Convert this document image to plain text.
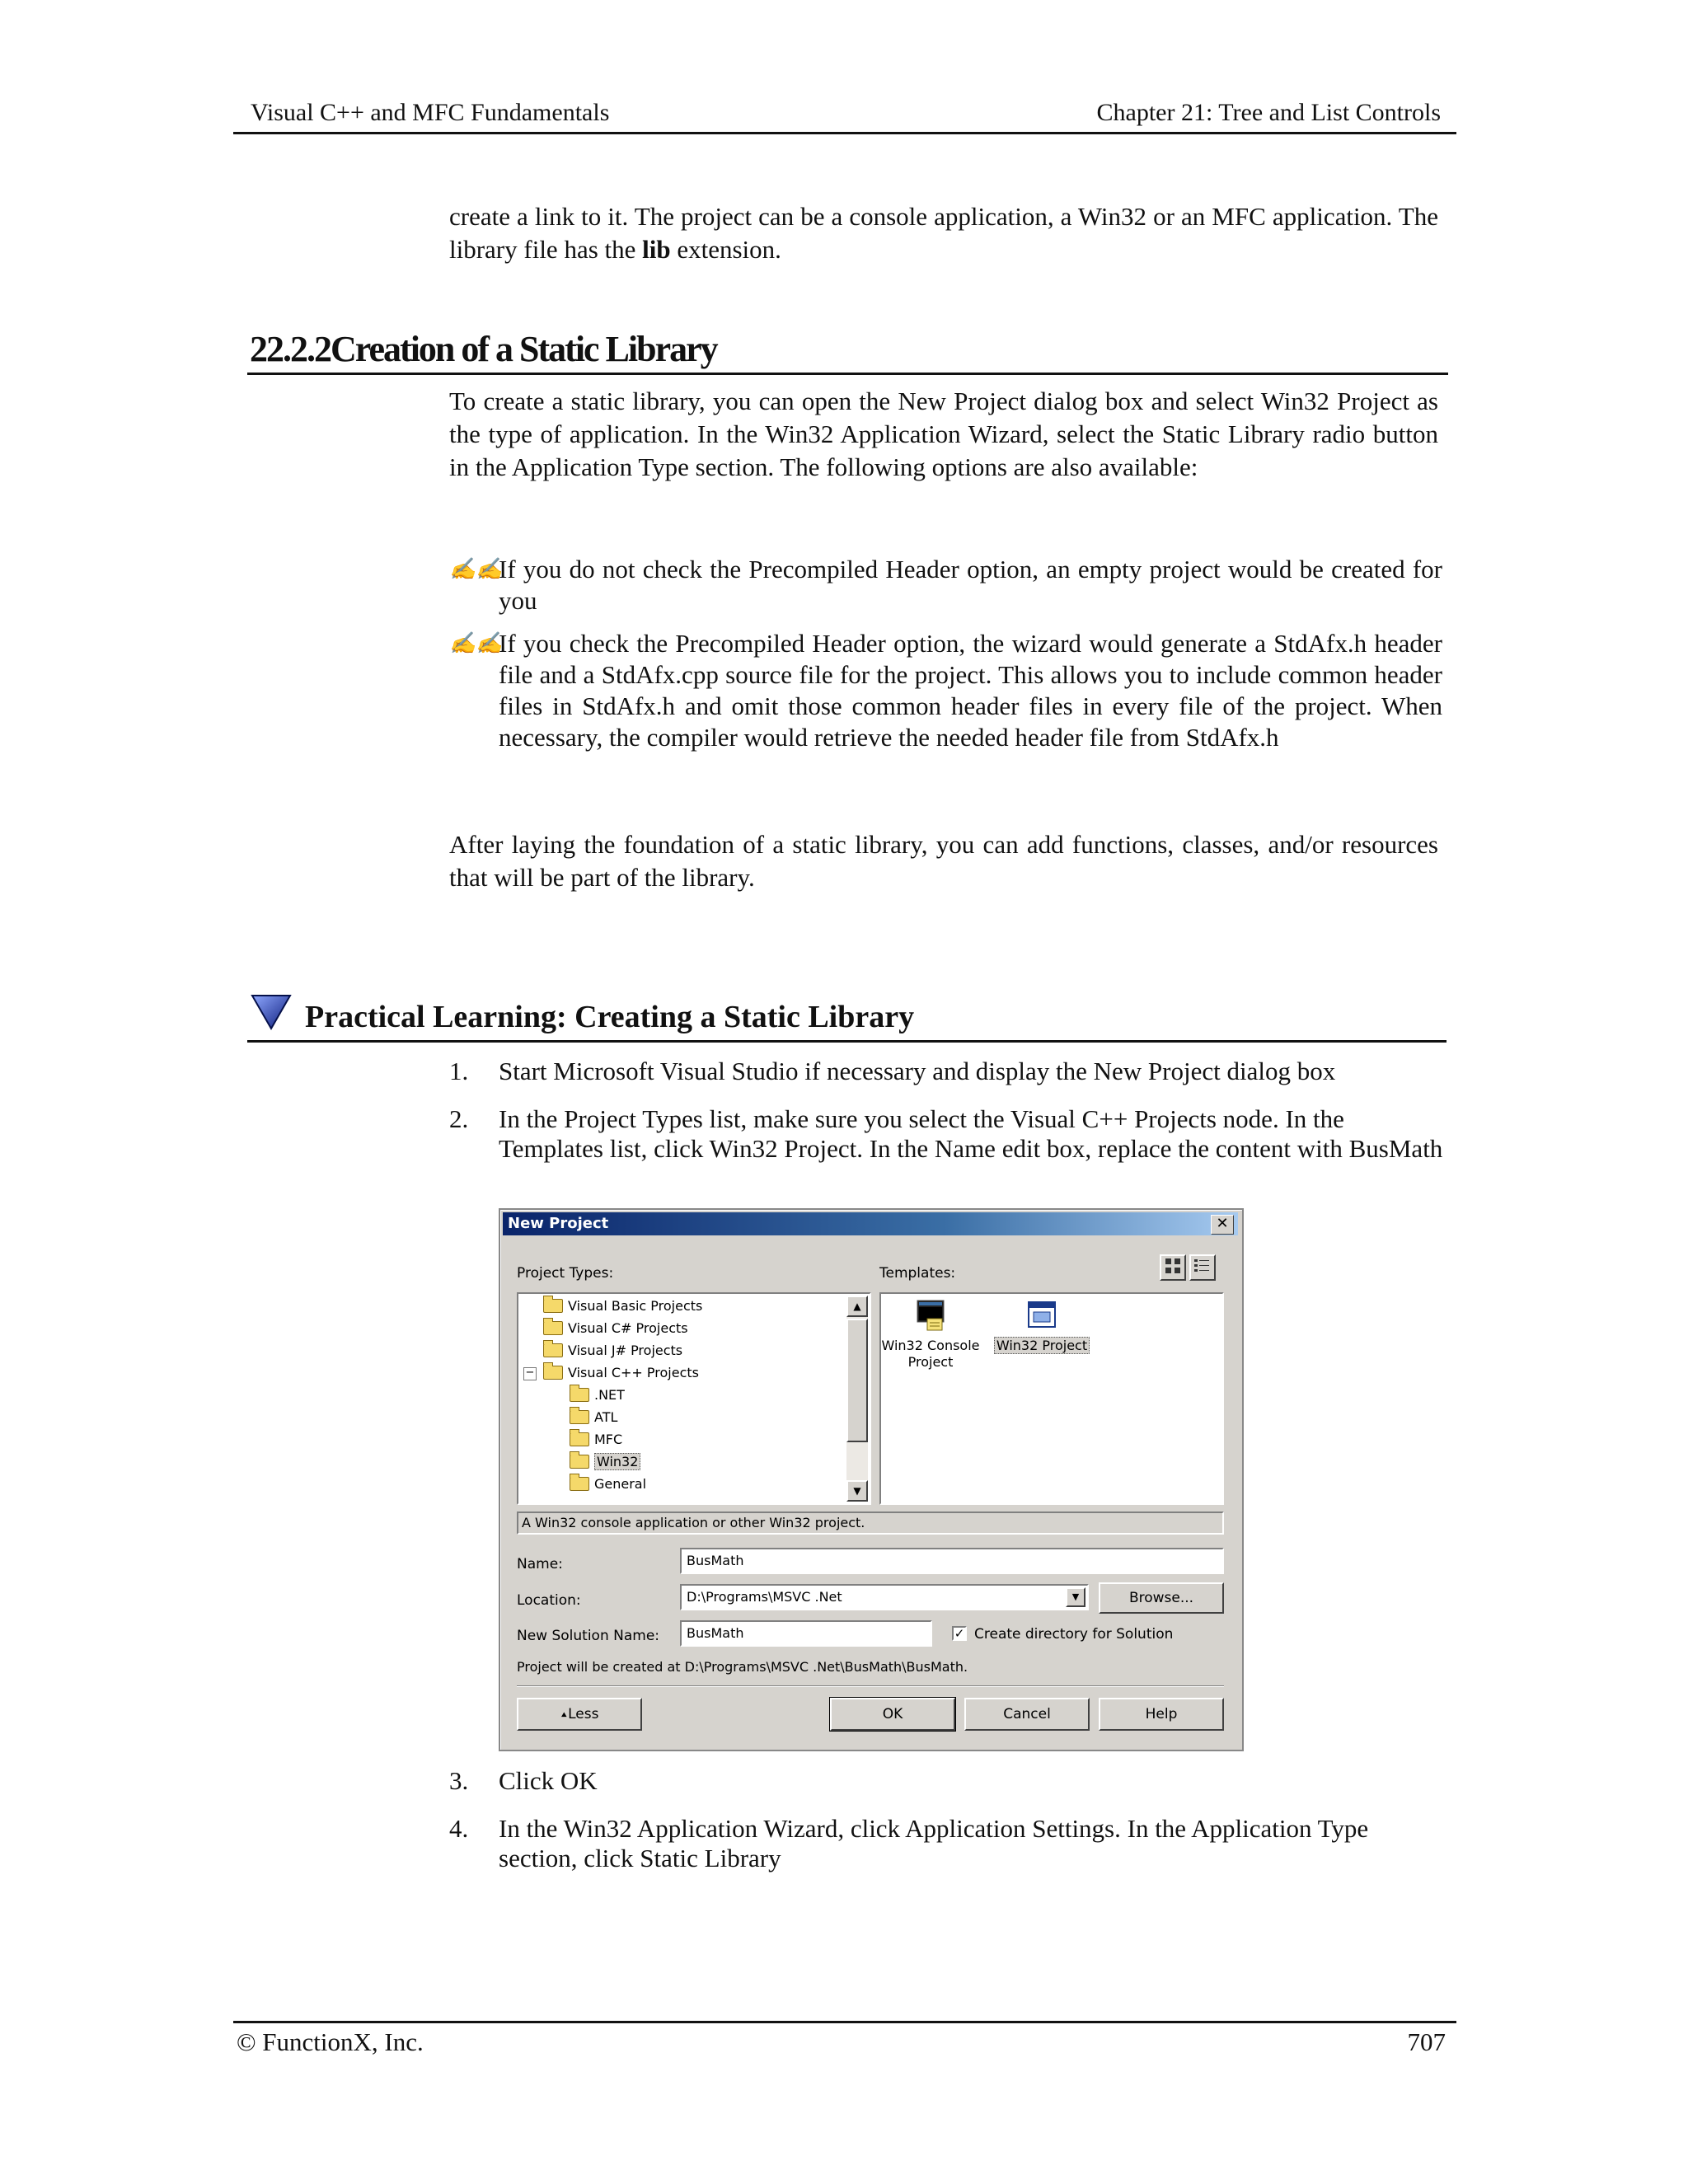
Visual C++ and MFC Fundamentals	Chapter 21: Tree and List Controls
create a link to it. The project can be a console application, a Win32 or an MFC application. The library file has the lib extension.
22.2.2Creation of a Static Library
To create a static library, you can open the New Project dialog box and select Win32 Project as the type of application. In the Win32 Application Wizard, select the Static Library radio button in the Application Type section. The following options are also available:
✍✍
If you do not check the Precompiled Header option, an empty project would be created for you
✍✍
If you check the Precompiled Header option, the wizard would generate a StdAfx.h header file and a StdAfx.cpp source file for the project. This allows you to include common header files in StdAfx.h and omit those common header files in every file of the project. When necessary, the compiler would retrieve the needed header file from StdAfx.h
After laying the foundation of a static library, you can add functions, classes, and/or resources that will be part of the library.
Practical Learning: Creating a Static Library
1. Start Microsoft Visual Studio if necessary and display the New Project dialog box
2. In the Project Types list, make sure you select the Visual C++ Projects node. In the Templates list, click Win32 Project. In the Name edit box, replace the content with BusMath
New Project	✕
Project Types:	Templates:
Visual Basic Projects
Visual C# Projects
Visual J# Projects
−	Visual C++ Projects
.NET
ATL
MFC
Win32
General
▲
▼
Win32 Console
Project
Win32 Project
A Win32 console application or other Win32 project.
Name:	BusMath
Location:	D:\Programs\MSVC .Net	▼	Browse...
New Solution Name:	BusMath	✓ Create directory for Solution
Project will be created at D:\Programs\MSVC .Net\BusMath\BusMath.
⯅Less	OK	Cancel	Help
3. Click OK
4. In the Win32 Application Wizard, click Application Settings. In the Application Type section, click Static Library
© FunctionX, Inc.	707
